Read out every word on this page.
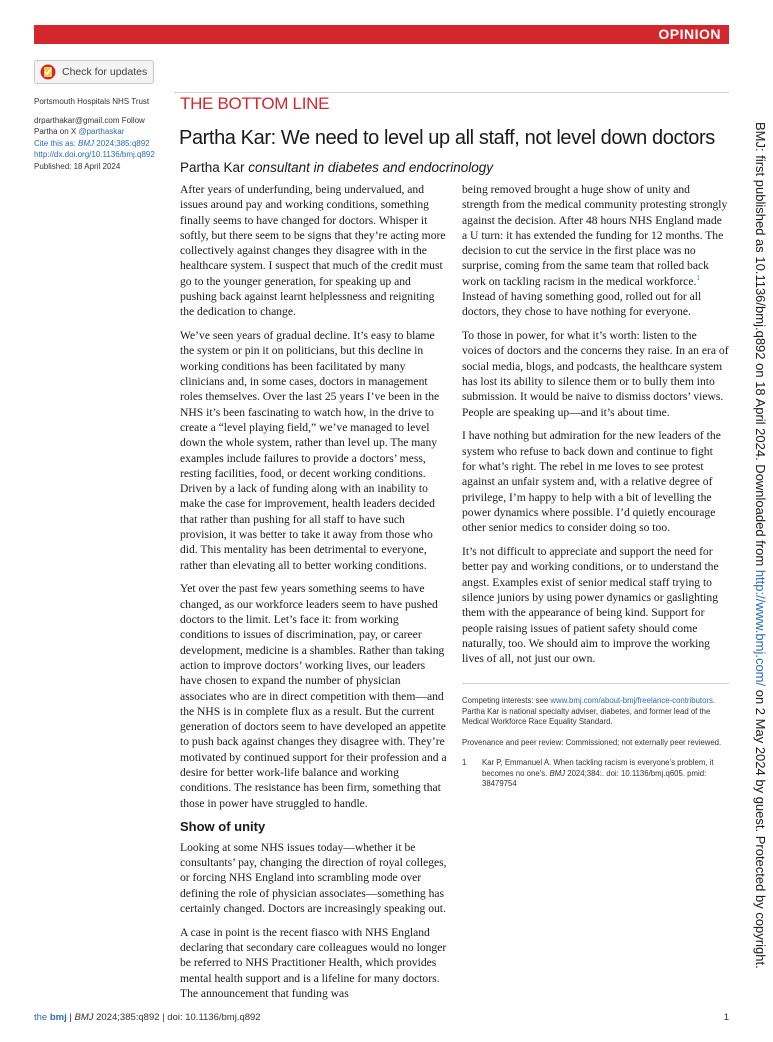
OPINION
Check for updates
Portsmouth Hospitals NHS Trust
drparthakar@gmail.com Follow Partha on X @parthaskar
Cite this as: BMJ 2024;385:q892
http://dx.doi.org/10.1136/bmj.q892
Published: 18 April 2024
THE BOTTOM LINE
Partha Kar: We need to level up all staff, not level down doctors
Partha Kar consultant in diabetes and endocrinology

After years of underfunding, being undervalued, and issues around pay and working conditions, something finally seems to have changed for doctors. Whisper it softly, but there seem to be signs that they’re acting more collectively against changes they disagree with in the healthcare system. I suspect that much of the credit must go to the younger generation, for speaking up and pushing back against learnt helplessness and reigniting the dedication to change.

We’ve seen years of gradual decline. It’s easy to blame the system or pin it on politicians, but this decline in working conditions has been facilitated by many clinicians and, in some cases, doctors in management roles themselves. Over the last 25 years I’ve been in the NHS it’s been fascinating to watch how, in the drive to create a “level playing field,” we’ve managed to level down the whole system, rather than level up. The many examples include failures to provide a doctors’ mess, resting facilities, food, or decent working conditions. Driven by a lack of funding along with an inability to make the case for improvement, health leaders decided that rather than pushing for all staff to have such provision, it was better to take it away from those who did. This mentality has been detrimental to everyone, rather than elevating all to better working conditions.

Yet over the past few years something seems to have changed, as our workforce leaders seem to have pushed doctors to the limit. Let’s face it: from working conditions to issues of discrimination, pay, or career development, medicine is a shambles. Rather than taking action to improve doctors’ working lives, our leaders have chosen to expand the number of physician associates who are in direct competition with them—and the NHS is in complete flux as a result. But the current generation of doctors seem to have developed an appetite to push back against changes they disagree with. They’re motivated by continued support for their profession and a desire for better work-life balance and working conditions. The resistance has been firm, something that those in power have struggled to handle.

Show of unity

Looking at some NHS issues today—whether it be consultants’ pay, changing the direction of royal colleges, or forcing NHS England into scrambling mode over defining the role of physician associates—something has certainly changed. Doctors are increasingly speaking out.

A case in point is the recent fiasco with NHS England declaring that secondary care colleagues would no longer be referred to NHS Practitioner Health, which provides mental health support and is a lifeline for many doctors. The announcement that funding was

being removed brought a huge show of unity and strength from the medical community protesting strongly against the decision. After 48 hours NHS England made a U turn: it has extended the funding for 12 months. The decision to cut the service in the first place was no surprise, coming from the same team that rolled back work on tackling racism in the medical workforce.$^1$ Instead of having something good, rolled out for all doctors, they chose to have nothing for everyone.

To those in power, for what it’s worth: listen to the voices of doctors and the concerns they raise. In an era of social media, blogs, and podcasts, the healthcare system has lost its ability to silence them or to bully them into submission. It would be naive to dismiss doctors’ views. People are speaking up—and it’s about time.

I have nothing but admiration for the new leaders of the system who refuse to back down and continue to fight for what’s right. The rebel in me loves to see protest against an unfair system and, with a relative degree of privilege, I’m happy to help with a bit of levelling the power dynamics where possible. I’d quietly encourage other senior medics to consider doing so too.

It’s not difficult to appreciate and support the need for better pay and working conditions, or to understand the angst. Examples exist of senior medical staff trying to silence juniors by using power dynamics or gaslighting them with the appearance of being kind. Support for people raising issues of patient safety should come naturally, too. We should aim to improve the working lives of all, not just our own.

Competing interests: see www.bmj.com/about-bmj/freelance-contributors. Partha Kar is national specialty adviser, diabetes, and former lead of the Medical Workforce Race Equality Standard.

Provenance and peer review: Commissioned; not externally peer reviewed.

1	Kar P, Emmanuel A. When tackling racism is everyone’s problem, it becomes no one’s. BMJ 2024;384:. doi: 10.1136/bmj.q605. pmid: 38479754
BMJ: first published as 10.1136/bmj.q892 on 18 April 2024. Downloaded from http://www.bmj.com/ on 2 May 2024 by guest. Protected by copyright.
the bmj | BMJ 2024;385:q892 | doi: 10.1136/bmj.q892	1
